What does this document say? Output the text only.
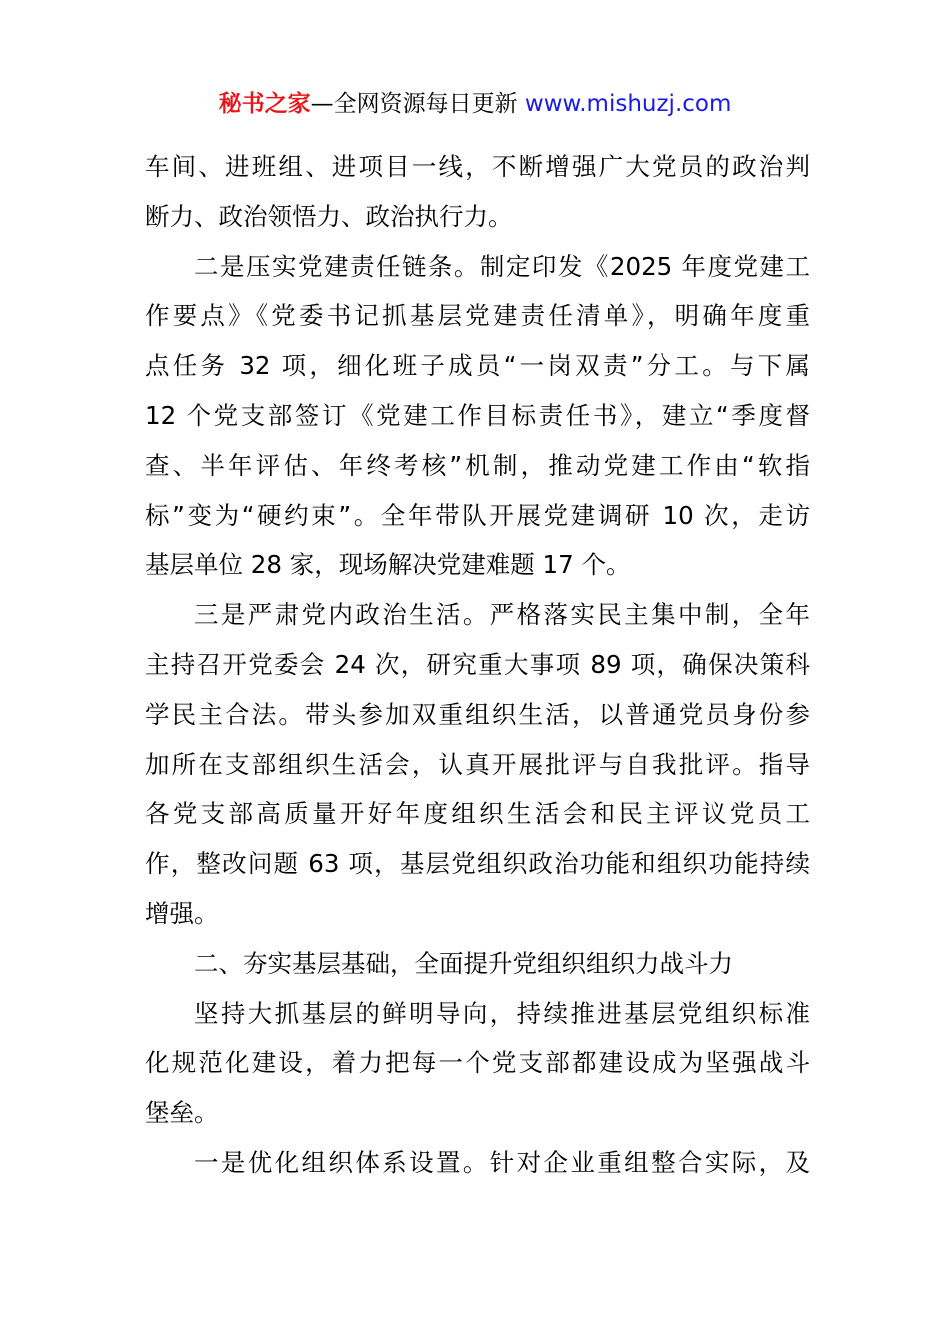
秘书之家—全网资源每日更新 www.mishuzj.com
车间、进班组、进项目一线，不断增强广大党员的政治判
断力、政治领悟力、政治执行力。
二是压实党建责任链条。制定印发《2025 年度党建工
作要点》《党委书记抓基层党建责任清单》，明确年度重
点任务 32 项，细化班子成员“一岗双责”分工。与下属
12 个党支部签订《党建工作目标责任书》，建立“季度督
查、半年评估、年终考核”机制，推动党建工作由“软指
标”变为“硬约束”。全年带队开展党建调研 10 次，走访
基层单位 28 家，现场解决党建难题 17 个。
三是严肃党内政治生活。严格落实民主集中制，全年
主持召开党委会 24 次，研究重大事项 89 项，确保决策科
学民主合法。带头参加双重组织生活，以普通党员身份参
加所在支部组织生活会，认真开展批评与自我批评。指导
各党支部高质量开好年度组织生活会和民主评议党员工
作，整改问题 63 项，基层党组织政治功能和组织功能持续
增强。
二、夯实基层基础，全面提升党组织组织力战斗力
坚持大抓基层的鲜明导向，持续推进基层党组织标准
化规范化建设，着力把每一个党支部都建设成为坚强战斗
堡垒。
一是优化组织体系设置。针对企业重组整合实际，及
